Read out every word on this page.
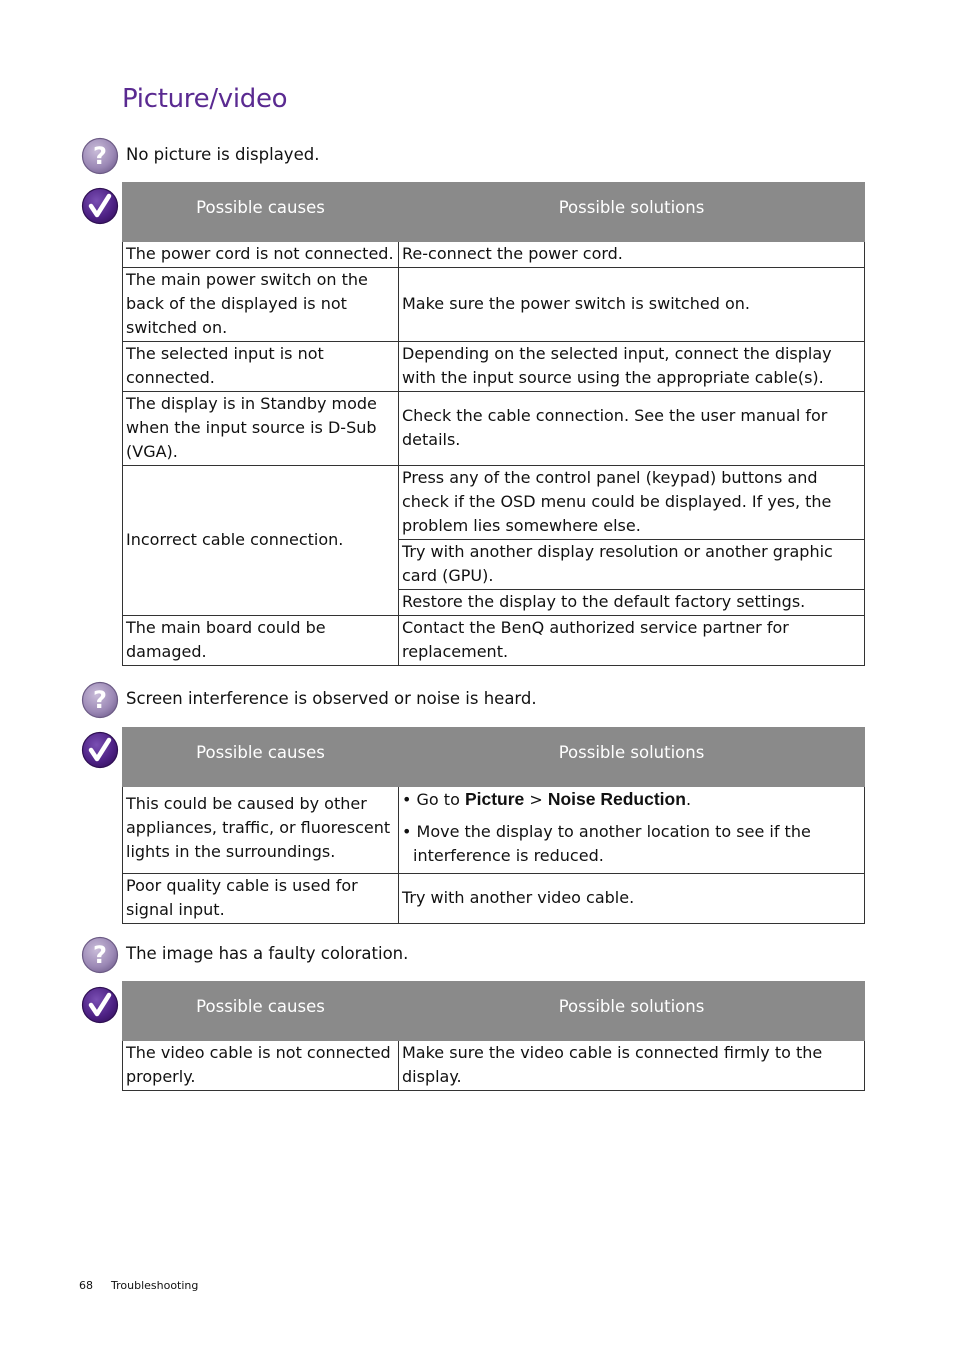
Picture/video
? No picture is displayed.
Possible causes	Possible solutions
The power cord is not connected.	Re-connect the power cord.
The main power switch on the back of the displayed is not switched on.	Make sure the power switch is switched on.
The selected input is not connected.	Depending on the selected input, connect the display with the input source using the appropriate cable(s).
The display is in Standby mode when the input source is D-Sub (VGA).	Check the cable connection. See the user manual for details.
Incorrect cable connection.	Press any of the control panel (keypad) buttons and check if the OSD menu could be displayed. If yes, the problem lies somewhere else.
	Try with another display resolution or another graphic card (GPU).
	Restore the display to the default factory settings.
The main board could be damaged.	Contact the BenQ authorized service partner for replacement.
? Screen interference is observed or noise is heard.
Possible causes	Possible solutions
This could be caused by other appliances, traffic, or fluorescent lights in the surroundings.	• Go to Picture > Noise Reduction.
• Move the display to another location to see if the interference is reduced.

Poor quality cable is used for signal input.	Try with another video cable.
? The image has a faulty coloration.
Possible causes	Possible solutions
The video cable is not connected properly.	Make sure the video cable is connected firmly to the display.
68 Troubleshooting
